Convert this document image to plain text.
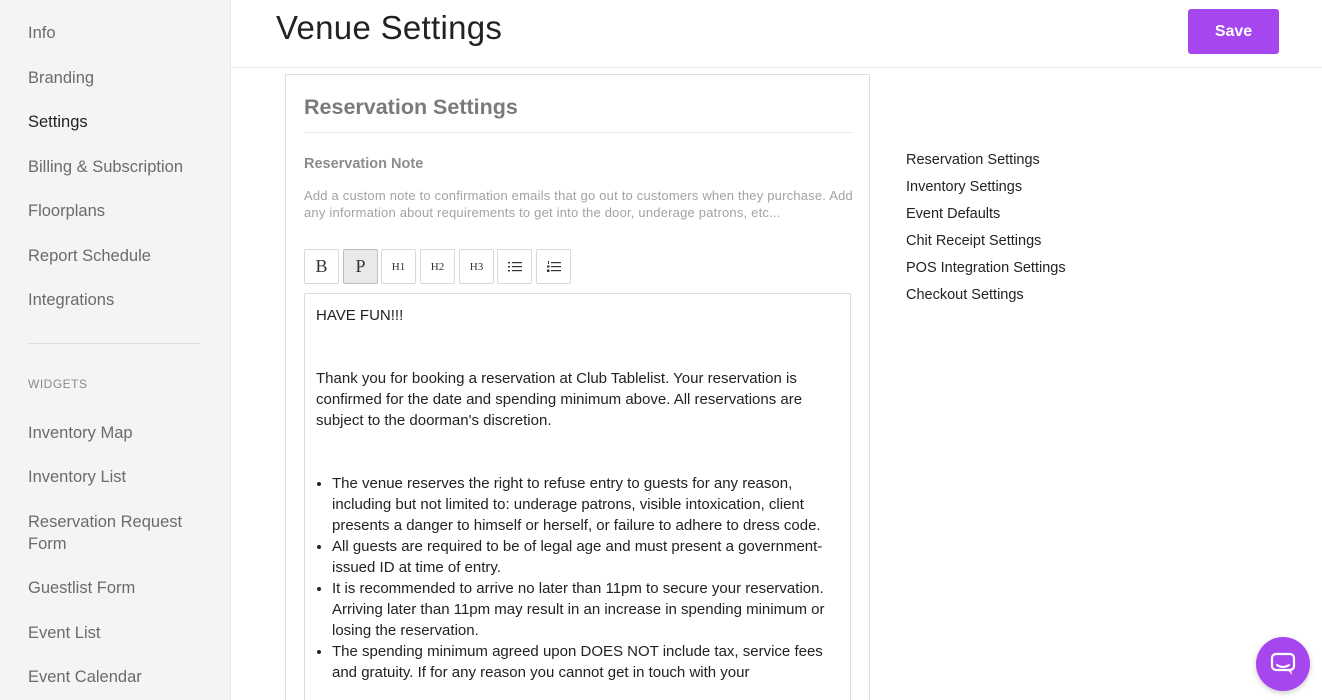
Info
Branding
Settings
Billing & Subscription
Floorplans
Report Schedule
Integrations
WIDGETS
Inventory Map
Inventory List
Reservation Request Form
Guestlist Form
Event List
Event Calendar
Venue Settings	Save
Reservation Settings
Reservation Note
Add a custom note to confirmation emails that go out to customers when they purchase. Add any information about requirements to get into the door, underage patrons, etc...
B	P	H1	H2	H3

HAVE FUN!!!

Thank you for booking a reservation at Club Tablelist. Your reservation is confirmed for the date and spending minimum above. All reservations are subject to the doorman's discretion.

• The venue reserves the right to refuse entry to guests for any reason, including but not limited to: underage patrons, visible intoxication, client presents a danger to himself or herself, or failure to adhere to dress code.
• All guests are required to be of legal age and must present a government-issued ID at time of entry.
• It is recommended to arrive no later than 11pm to secure your reservation. Arriving later than 11pm may result in an increase in spending minimum or losing the reservation.
• The spending minimum agreed upon DOES NOT include tax, service fees and gratuity. If for any reason you cannot get in touch with your
Reservation Settings
Inventory Settings
Event Defaults
Chit Receipt Settings
POS Integration Settings
Checkout Settings
